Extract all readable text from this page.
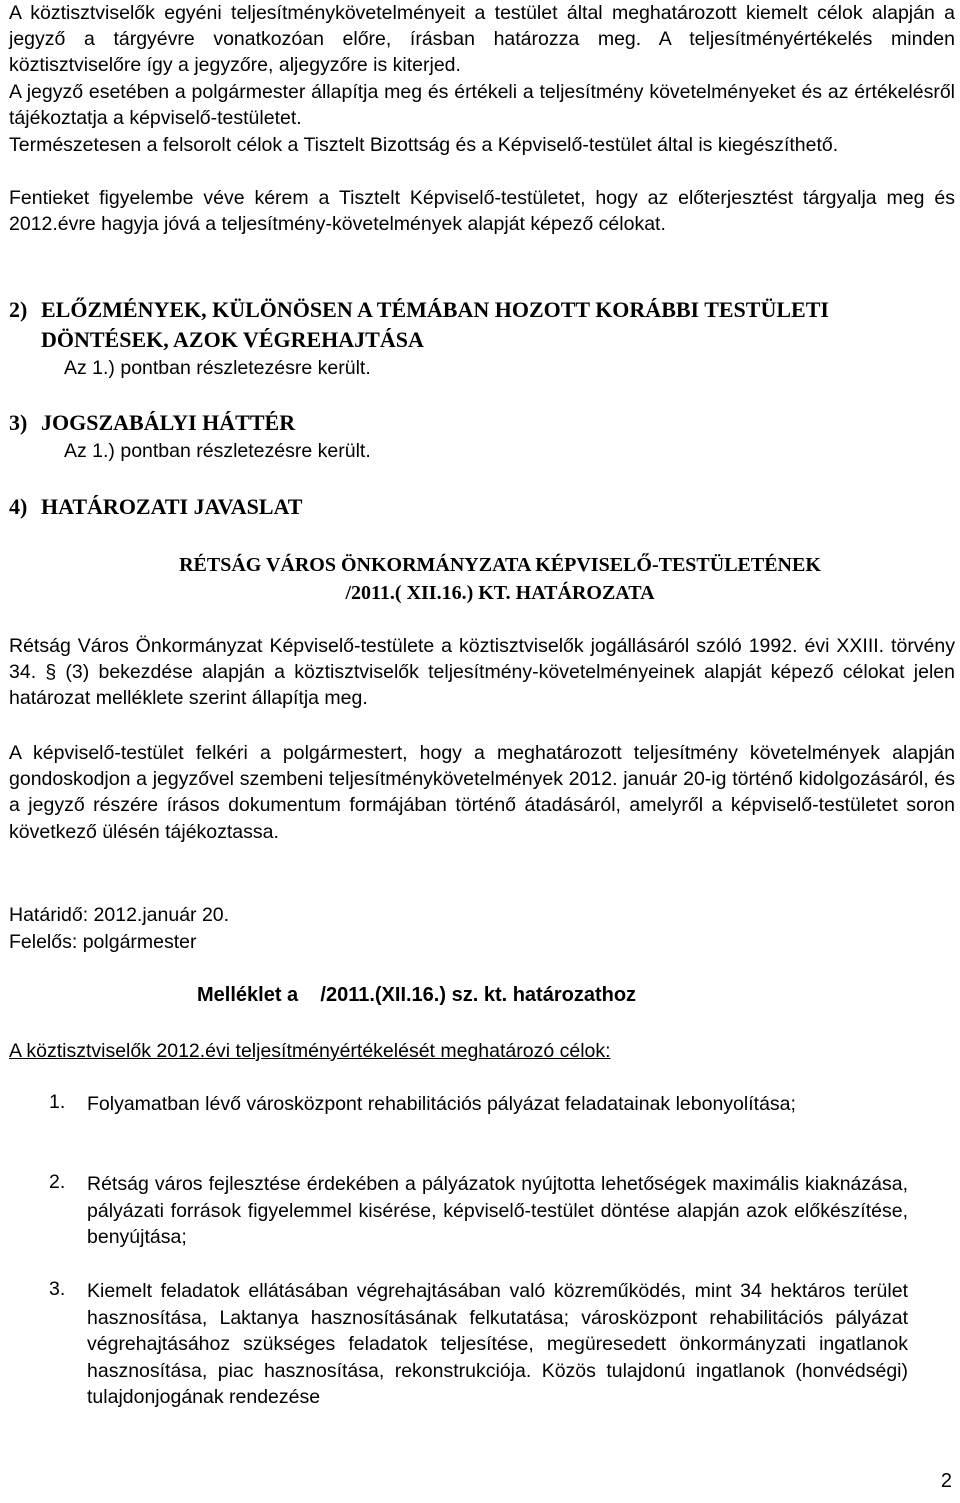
A köztisztviselők egyéni teljesítménykövetelményeit a testület által meghatározott kiemelt célok alapján a jegyző a tárgyévre vonatkozóan előre, írásban határozza meg. A teljesítményértékelés minden köztisztviselőre így a jegyzőre, aljegyzőre is kiterjed.

A jegyző esetében a polgármester állapítja meg és értékeli a teljesítmény követelményeket és az értékelésről tájékoztatja a képviselő-testületet.

Természetesen a felsorolt célok a Tisztelt Bizottság és a Képviselő-testület által is kiegészíthető.

Fentieket figyelembe véve kérem a Tisztelt Képviselő-testületet, hogy az előterjesztést tárgyalja meg és 2012.évre hagyja jóvá a teljesítmény-követelmények alapját képező célokat.

2) ELŐZMÉNYEK, KÜLÖNÖSEN A TÉMÁBAN HOZOTT KORÁBBI TESTÜLETI
DÖNTÉSEK, AZOK VÉGREHAJTÁSA

Az 1.) pontban részletezésre került.

3) JOGSZABÁLYI HÁTTÉR

Az 1.) pontban részletezésre került.

4) HATÁROZATI JAVASLAT

RÉTSÁG VÁROS ÖNKORMÁNYZATA KÉPVISELŐ-TESTÜLETÉNEK

/2011.( XII.16.) KT. HATÁROZATA

Rétság Város Önkormányzat Képviselő-testülete a köztisztviselők jogállásáról szóló 1992. évi XXIII. törvény 34. § (3) bekezdése alapján a köztisztviselők teljesítmény-követelményeinek alapját képező célokat jelen határozat melléklete szerint állapítja meg.

A képviselő-testület felkéri a polgármestert, hogy a meghatározott teljesítmény követelmények alapján gondoskodjon a jegyzővel szembeni teljesítménykövetelmények 2012. január 20-ig történő kidolgozásáról, és a jegyző részére írásos dokumentum formájában történő átadásáról, amelyről a képviselő-testületet soron következő ülésén tájékoztassa.

Határidő: 2012.január 20.

Felelős: polgármester

Melléklet a    /2011.(XII.16.) sz. kt. határozathoz

A köztisztviselők 2012.évi teljesítményértékelését meghatározó célok:

1. Folyamatban lévő városközpont rehabilitációs pályázat feladatainak lebonyolítása;
2. Rétság város fejlesztése érdekében a pályázatok nyújtotta lehetőségek maximális kiaknázása, pályázati források figyelemmel kisérése, képviselő-testület döntése alapján azok előkészítése, benyújtása;
3. Kiemelt feladatok ellátásában végrehajtásában való közreműködés, mint 34 hektáros terület hasznosítása, Laktanya hasznosításának felkutatása; városközpont rehabilitációs pályázat végrehajtásához szükséges feladatok teljesítése, megüresedett önkormányzati ingatlanok hasznosítása, piac hasznosítása, rekonstrukciója. Közös tulajdonú ingatlanok (honvédségi) tulajdonjogának rendezése

2
